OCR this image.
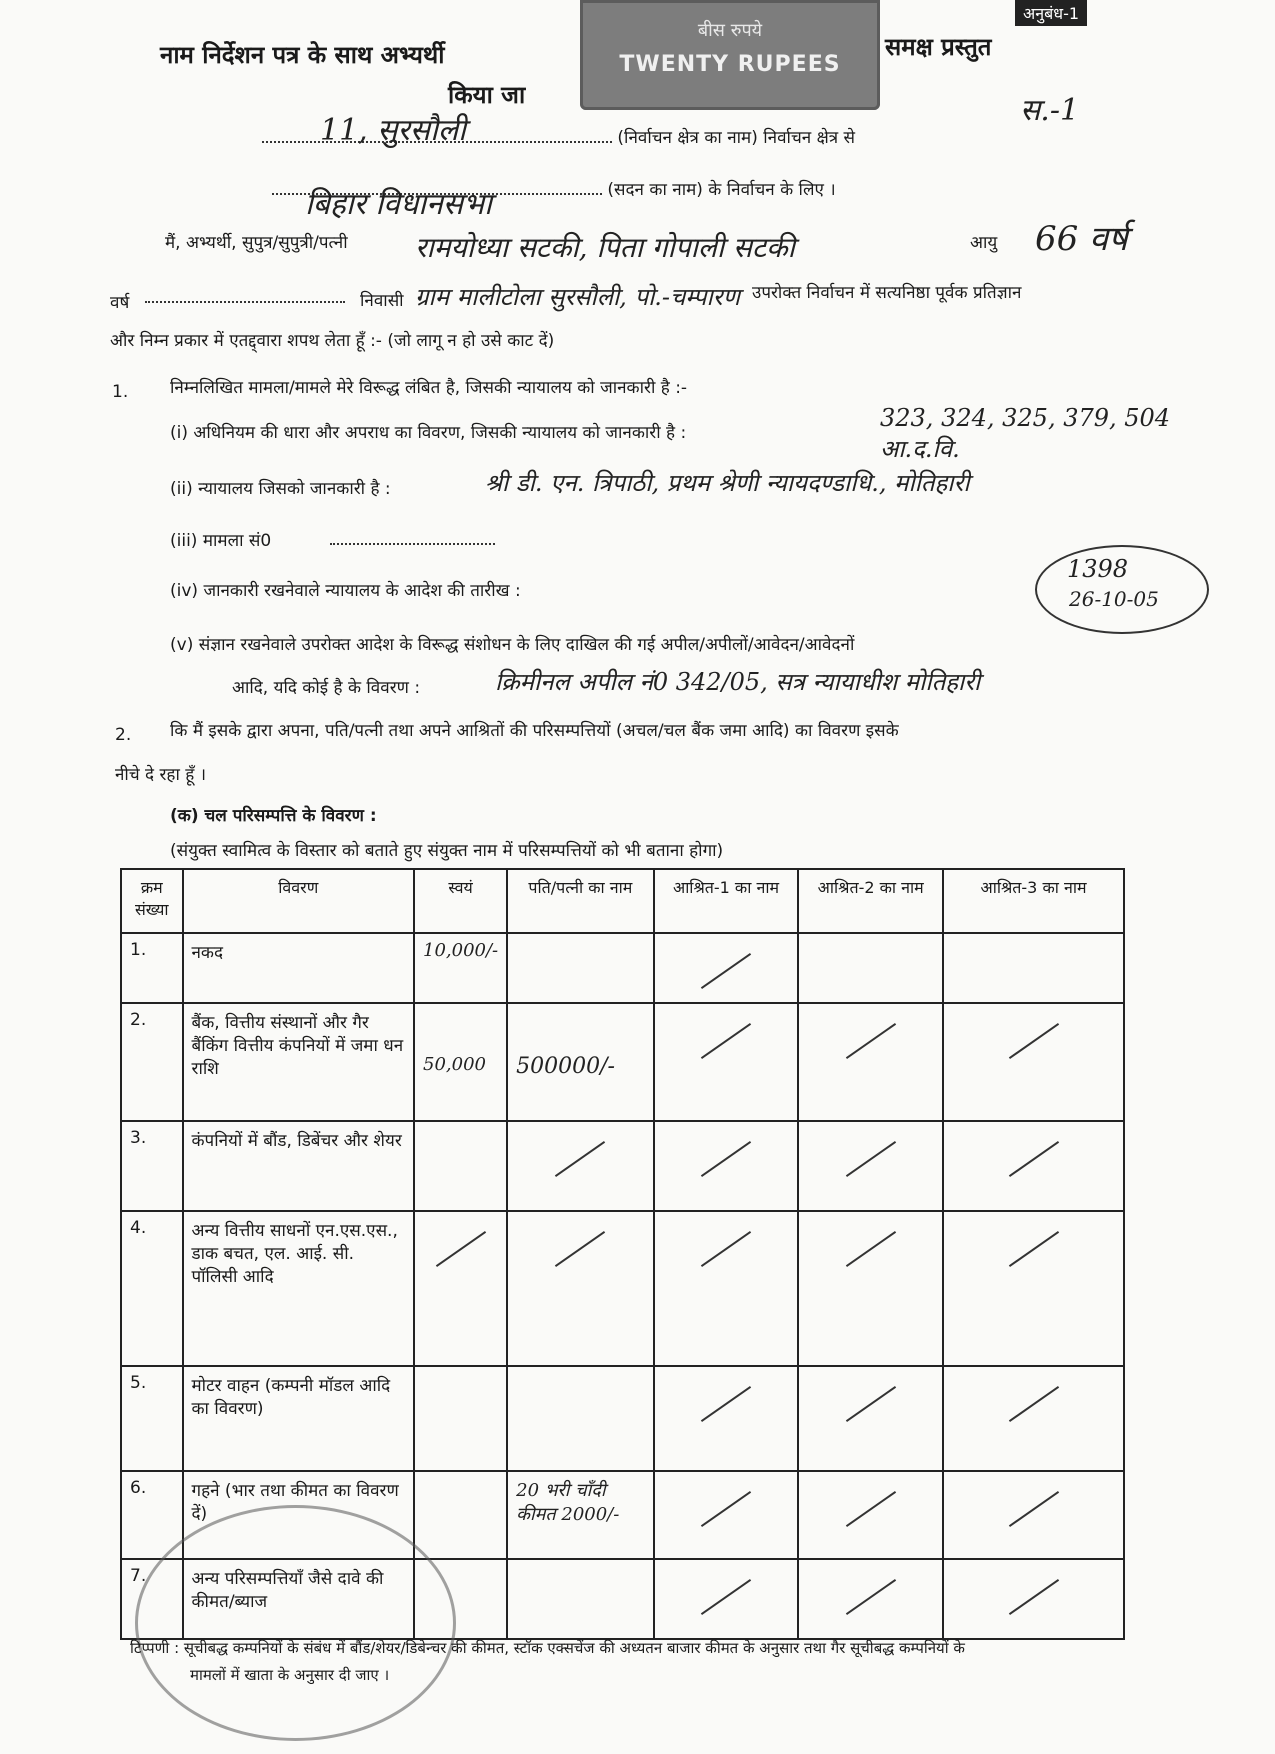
बीस रुपये
TWENTY RUPEES
अनुबंध-1
नाम निर्देशन पत्र के साथ अभ्यर्थी	समक्ष प्रस्तुत
किया जा	स.-1
(निर्वाचन क्षेत्र का नाम) निर्वाचन क्षेत्र से
11, सुरसौली
(सदन का नाम) के निर्वाचन के लिए ।
बिहार विधानसभा
मैं, अभ्यर्थी, सुपुत्र/सुपुत्री/पत्नी रामयोध्या सटकी, पिता गोपाली सटकी	आयु 66 वर्ष
वर्ष	निवासी ग्राम मालीटोला सुरसौली, पो.-चम्पारण उपरोक्त निर्वाचन में सत्यनिष्ठा पूर्वक प्रतिज्ञान
और निम्न प्रकार में एतद्द्वारा शपथ लेता हूँ :- (जो लागू न हो उसे काट दें)
1. निम्नलिखित मामला/मामले मेरे विरूद्ध लंबित है, जिसकी न्यायालय को जानकारी है :-
(i) अधिनियम की धारा और अपराध का विवरण, जिसकी न्यायालय को जानकारी है :
323, 324, 325, 379, 504 आ.द.वि.
(ii) न्यायालय जिसको जानकारी है :	श्री डी. एन. त्रिपाठी, प्रथम श्रेणी न्यायदण्डाधि., मोतिहारी
(iii) मामला सं0
(iv) जानकारी रखनेवाले न्यायालय के आदेश की तारीख :
1398
26-10-05
(v) संज्ञान रखनेवाले उपरोक्त आदेश के विरूद्ध संशोधन के लिए दाखिल की गई अपील/अपीलों/आवेदन/आवेदनों
आदि, यदि कोई है के विवरण :	क्रिमीनल अपील नं0 342/05, सत्र न्यायाधीश मोतिहारी
2. कि मैं इसके द्वारा अपना, पति/पत्नी तथा अपने आश्रितों की परिसम्पत्तियों (अचल/चल बैंक जमा आदि) का विवरण इसके
नीचे दे रहा हूँ ।
(क) चल परिसम्पत्ति के विवरण :
(संयुक्त स्वामित्व के विस्तार को बताते हुए संयुक्त नाम में परिसम्पत्तियों को भी बताना होगा)
क्रम संख्या	विवरण	स्वयं	पति/पत्नी का नाम	आश्रित-1 का नाम	आश्रित-2 का नाम	आश्रित-3 का नाम
1.	नकद	10,000/-		

2.	बैंक, वित्तीय संस्थानों और गैर बैंकिंग वित्तीय कंपनियों में जमा धन राशि	50,000	500000/-	

3.	कंपनियों में बौंड, डिबेंचर और शेयर		

4.	अन्य वित्तीय साधनों एन.एस.एस., डाक बचत, एल. आई. सी. पॉलिसी आदि	

5.	मोटर वाहन (कम्पनी मॉडल आदि का विवरण)			

6.	गहने (भार तथा कीमत का विवरण दें)		20 भरी चाँदी कीमत 2000/-	

7.	अन्य परिसम्पत्तियाँ जैसे दावे की कीमत/ब्याज			

टिप्पणी : सूचीबद्ध कम्पनियों के संबंध में बौंड/शेयर/डिबेन्चर की कीमत, स्टॉक एक्सचेंज की अध्यतन बाजार कीमत के अनुसार तथा गैर सूचीबद्ध कम्पनियों के
मामलों में खाता के अनुसार दी जाए ।
